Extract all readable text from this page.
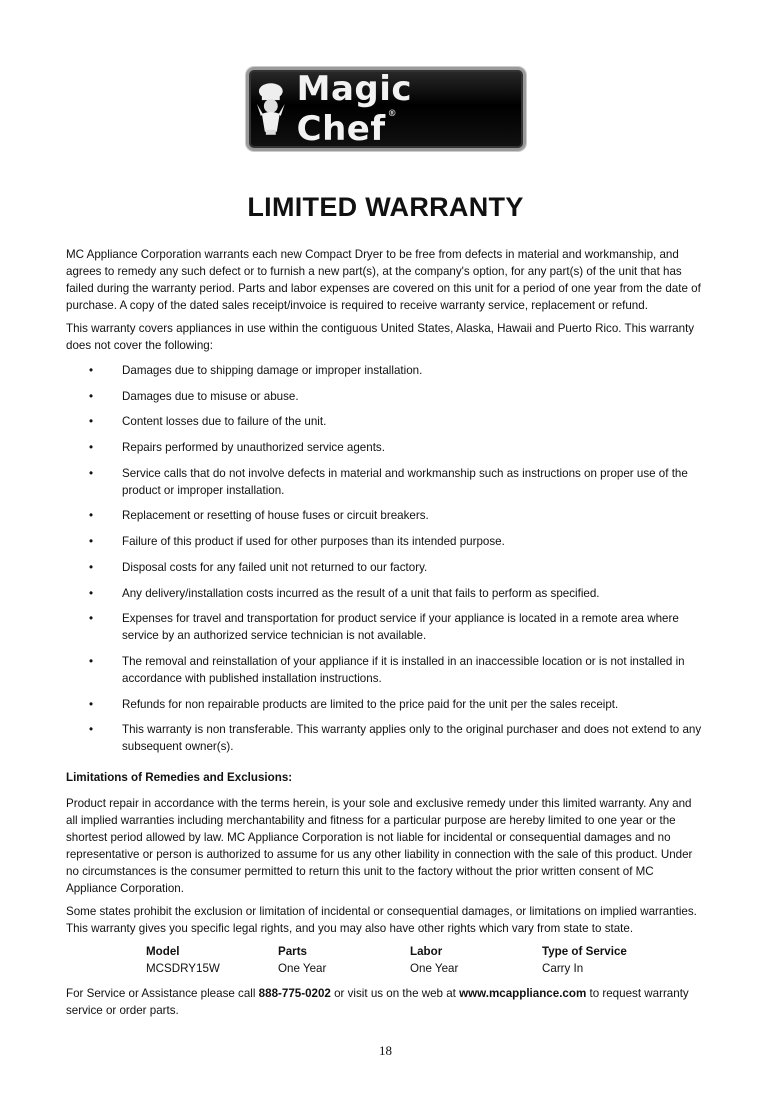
Magic Chef ®
LIMITED WARRANTY

MC Appliance Corporation warrants each new Compact Dryer to be free from defects in material and workmanship, and agrees to remedy any such defect or to furnish a new part(s), at the company's option, for any part(s) of the unit that has failed during the warranty period. Parts and labor expenses are covered on this unit for a period of one year from the date of purchase. A copy of the dated sales receipt/invoice is required to receive warranty service, replacement or refund.

This warranty covers appliances in use within the contiguous United States, Alaska, Hawaii and Puerto Rico. This warranty does not cover the following:

• Damages due to shipping damage or improper installation.
• Damages due to misuse or abuse.
• Content losses due to failure of the unit.
• Repairs performed by unauthorized service agents.
• Service calls that do not involve defects in material and workmanship such as instructions on proper use of the product or improper installation.
• Replacement or resetting of house fuses or circuit breakers.
• Failure of this product if used for other purposes than its intended purpose.
• Disposal costs for any failed unit not returned to our factory.
• Any delivery/installation costs incurred as the result of a unit that fails to perform as specified.
• Expenses for travel and transportation for product service if your appliance is located in a remote area where service by an authorized service technician is not available.
• The removal and reinstallation of your appliance if it is installed in an inaccessible location or is not installed in accordance with published installation instructions.
• Refunds for non repairable products are limited to the price paid for the unit per the sales receipt.
• This warranty is non transferable. This warranty applies only to the original purchaser and does not extend to any subsequent owner(s).
Limitations of Remedies and Exclusions:

Product repair in accordance with the terms herein, is your sole and exclusive remedy under this limited warranty. Any and all implied warranties including merchantability and fitness for a particular purpose are hereby limited to one year or the shortest period allowed by law. MC Appliance Corporation is not liable for incidental or consequential damages and no representative or person is authorized to assume for us any other liability in connection with the sale of this product. Under no circumstances is the consumer permitted to return this unit to the factory without the prior written consent of MC Appliance Corporation.

Some states prohibit the exclusion or limitation of incidental or consequential damages, or limitations on implied warranties. This warranty gives you specific legal rights, and you may also have other rights which vary from state to state.

Model	Parts	Labor	Type of Service
MCSDRY15W	One Year	One Year	Carry In

For Service or Assistance please call 888-775-0202 or visit us on the web at www.mcappliance.com to request warranty service or order parts.

18
